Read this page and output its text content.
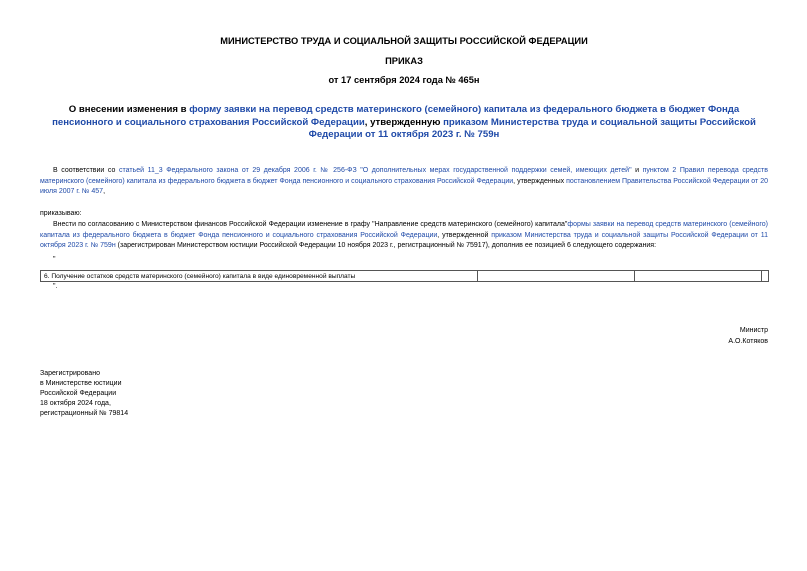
МИНИСТЕРСТВО ТРУДА И СОЦИАЛЬНОЙ ЗАЩИТЫ РОССИЙСКОЙ ФЕДЕРАЦИИ
ПРИКАЗ
от 17 сентября 2024 года № 465н
О внесении изменения в форму заявки на перевод средств материнского (семейного) капитала из федерального бюджета в бюджет Фонда пенсионного и социального страхования Российской Федерации, утвержденную приказом Министерства труда и социальной защиты Российской Федерации от 11 октября 2023 г. № 759н
В соответствии со статьей 11_3 Федерального закона от 29 декабря 2006 г. № 256-ФЗ "О дополнительных мерах государственной поддержки семей, имеющих детей" и пунктом 2 Правил перевода средств материнского (семейного) капитала из федерального бюджета в бюджет Фонда пенсионного и социального страхования Российской Федерации, утвержденных постановлением Правительства Российской Федерации от 20 июля 2007 г. № 457,
приказываю:
Внести по согласованию с Министерством финансов Российской Федерации изменение в графу "Направление средств материнского (семейного) капитала"формы заявки на перевод средств материнского (семейного) капитала из федерального бюджета в бюджет Фонда пенсионного и социального страхования Российской Федерации, утвержденной приказом Министерства труда и социальной защиты Российской Федерации от 11 октября 2023 г. № 759н (зарегистрирован Министерством юстиции Российской Федерации 10 ноября 2023 г., регистрационный № 75917), дополнив ее позицией 6 следующего содержания:
"
6. Получение остатков средств материнского (семейного) капитала в виде единовременной выплаты			
".
Министр
А.О.Котяков
Зарегистрировано
в Министерстве юстиции
Российской Федерации
18 октября 2024 года,
регистрационный № 79814
